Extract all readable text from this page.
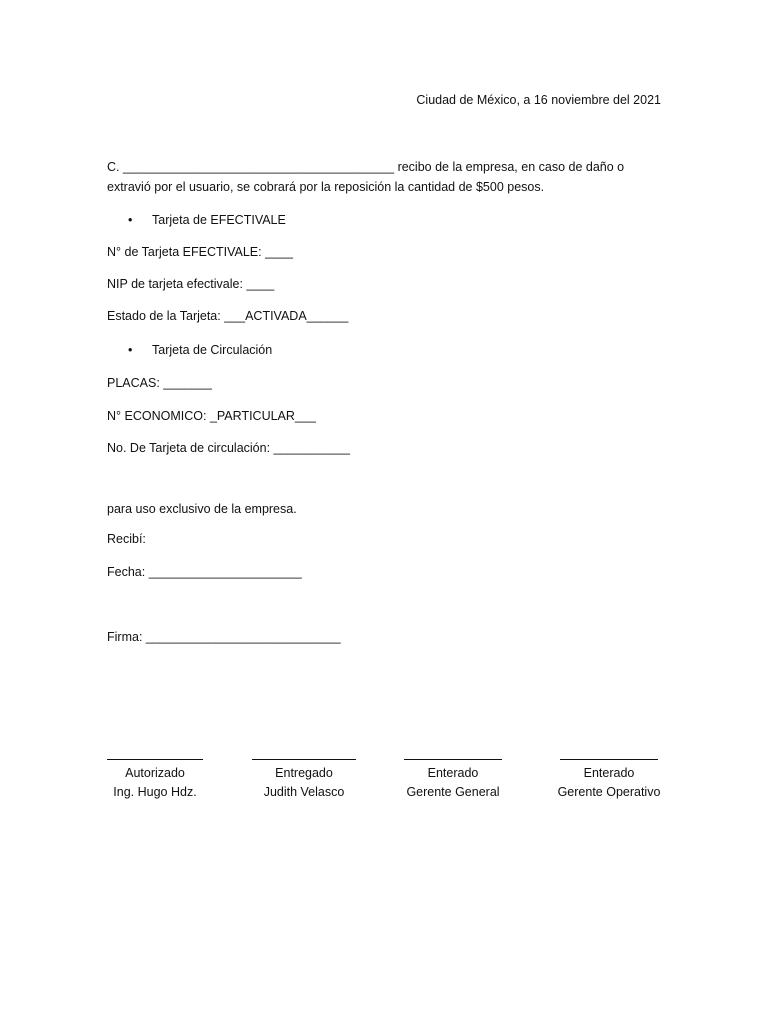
Ciudad de México, a 16 noviembre del 2021
C. _______________________________________ recibo de la empresa, en caso de daño o extravió por el usuario, se cobrará por la reposición la cantidad de $500 pesos.
• Tarjeta de EFECTIVALE
N° de Tarjeta EFECTIVALE: ____
NIP de tarjeta efectivale: ____
Estado de la Tarjeta: ___ACTIVADA______
• Tarjeta de Circulación
PLACAS: _______
N° ECONOMICO: _PARTICULAR___
No. De Tarjeta de circulación: ___________
para uso exclusivo de la empresa.
Recibí:
Fecha: ______________________
Firma: ____________________________
Autorizado
Ing. Hugo Hdz.
Entregado
Judith Velasco
Enterado
Gerente General
Enterado
Gerente Operativo
